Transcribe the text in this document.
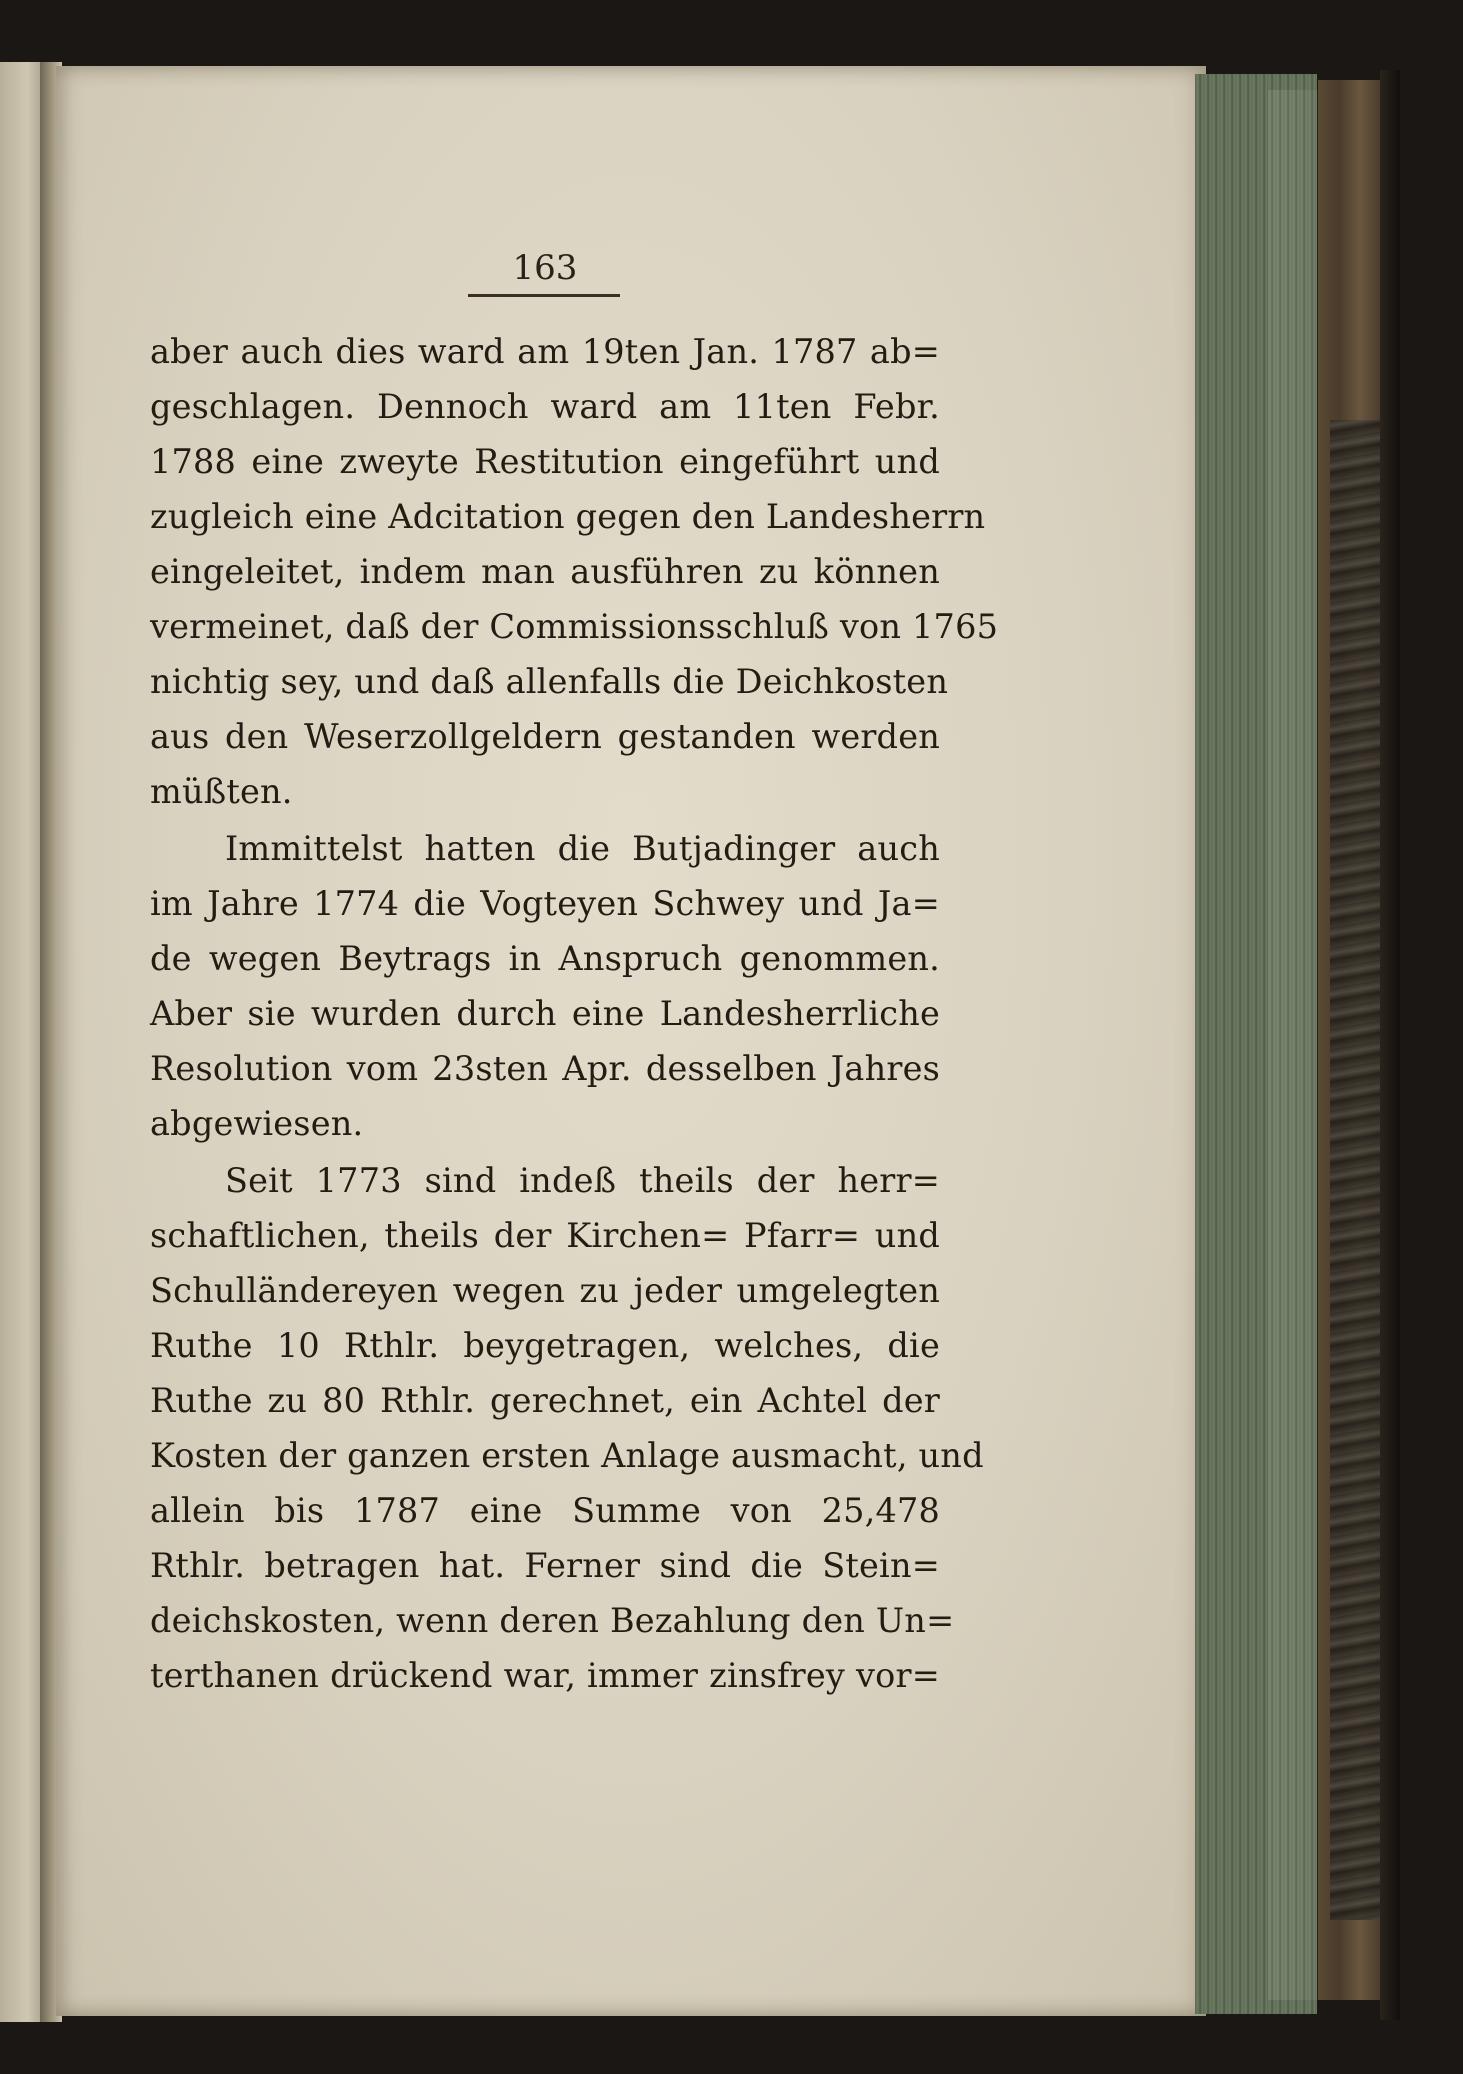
163
aber auch dies ward am 19ten Jan. 1787 ab=
geschlagen. Dennoch ward am 11ten Febr.
1788 eine zweyte Restitution eingeführt und
zugleich eine Adcitation gegen den Landesherrn
eingeleitet, indem man ausführen zu können
vermeinet, daß der Commissionsschluß von 1765
nichtig sey, und daß allenfalls die Deichkosten
aus den Weserzollgeldern gestanden werden
müßten.
Immittelst hatten die Butjadinger auch
im Jahre 1774 die Vogteyen Schwey und Ja=
de wegen Beytrags in Anspruch genommen.
Aber sie wurden durch eine Landesherrliche
Resolution vom 23sten Apr. desselben Jahres
abgewiesen.
Seit 1773 sind indeß theils der herr=
schaftlichen, theils der Kirchen= Pfarr= und
Schulländereyen wegen zu jeder umgelegten
Ruthe 10 Rthlr. beygetragen, welches, die
Ruthe zu 80 Rthlr. gerechnet, ein Achtel der
Kosten der ganzen ersten Anlage ausmacht, und
allein bis 1787 eine Summe von 25,478
Rthlr. betragen hat. Ferner sind die Stein=
deichskosten, wenn deren Bezahlung den Un=
terthanen drückend war, immer zinsfrey vor=
